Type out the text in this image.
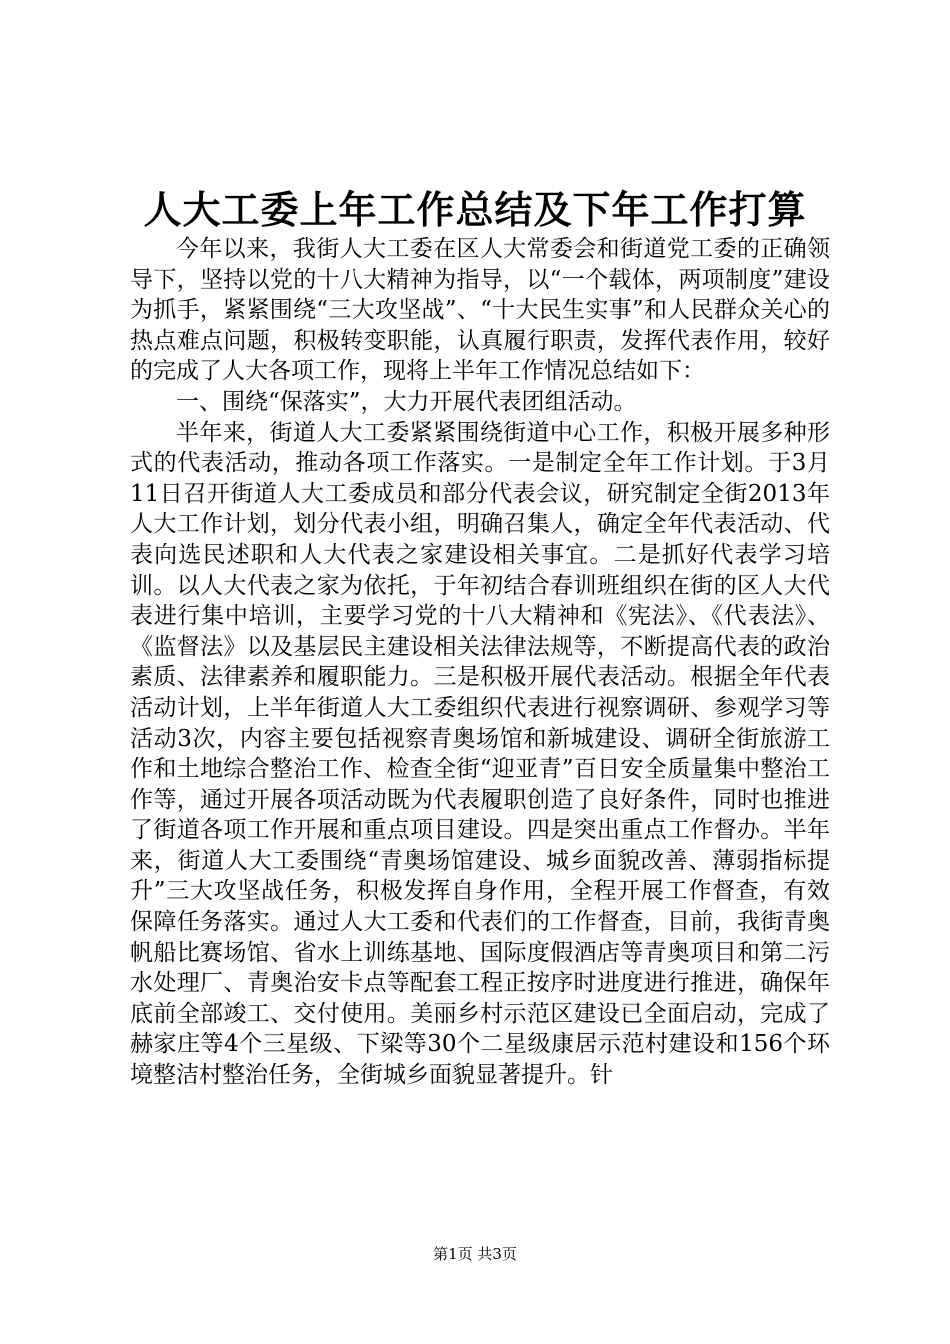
人大工委上年工作总结及下年工作打算

今年以来，我街人大工委在区人大常委会和街道党工委的正确领导下，坚持以党的十八大精神为指导，以“一个载体，两项制度”建设为抓手，紧紧围绕“三大攻坚战”、“十大民生实事”和人民群众关心的热点难点问题，积极转变职能，认真履行职责，发挥代表作用，较好的完成了人大各项工作，现将上半年工作情况总结如下：

一、围绕“保落实”，大力开展代表团组活动。

半年来，街道人大工委紧紧围绕街道中心工作，积极开展多种形式的代表活动，推动各项工作落实。一是制定全年工作计划。于3月11日召开街道人大工委成员和部分代表会议，研究制定全街2013年人大工作计划，划分代表小组，明确召集人，确定全年代表活动、代表向选民述职和人大代表之家建设相关事宜。二是抓好代表学习培训。以人大代表之家为依托，于年初结合春训班组织在街的区人大代表进行集中培训，主要学习党的十八大精神和《宪法》、《代表法》、《监督法》以及基层民主建设相关法律法规等，不断提高代表的政治素质、法律素养和履职能力。三是积极开展代表活动。根据全年代表活动计划，上半年街道人大工委组织代表进行视察调研、参观学习等活动3次，内容主要包括视察青奥场馆和新城建设、调研全街旅游工作和土地综合整治工作、检查全街“迎亚青”百日安全质量集中整治工作等，通过开展各项活动既为代表履职创造了良好条件，同时也推进了街道各项工作开展和重点项目建设。四是突出重点工作督办。半年来，街道人大工委围绕“青奥场馆建设、城乡面貌改善、薄弱指标提升”三大攻坚战任务，积极发挥自身作用，全程开展工作督查，有效保障任务落实。通过人大工委和代表们的工作督查，目前，我街青奥帆船比赛场馆、省水上训练基地、国际度假酒店等青奥项目和第二污水处理厂、青奥治安卡点等配套工程正按序时进度进行推进，确保年底前全部竣工、交付使用。美丽乡村示范区建设已全面启动，完成了赫家庄等4个三星级、下梁等30个二星级康居示范村建设和156个环境整洁村整治任务，全街城乡面貌显著提升。针

第1页 共3页
